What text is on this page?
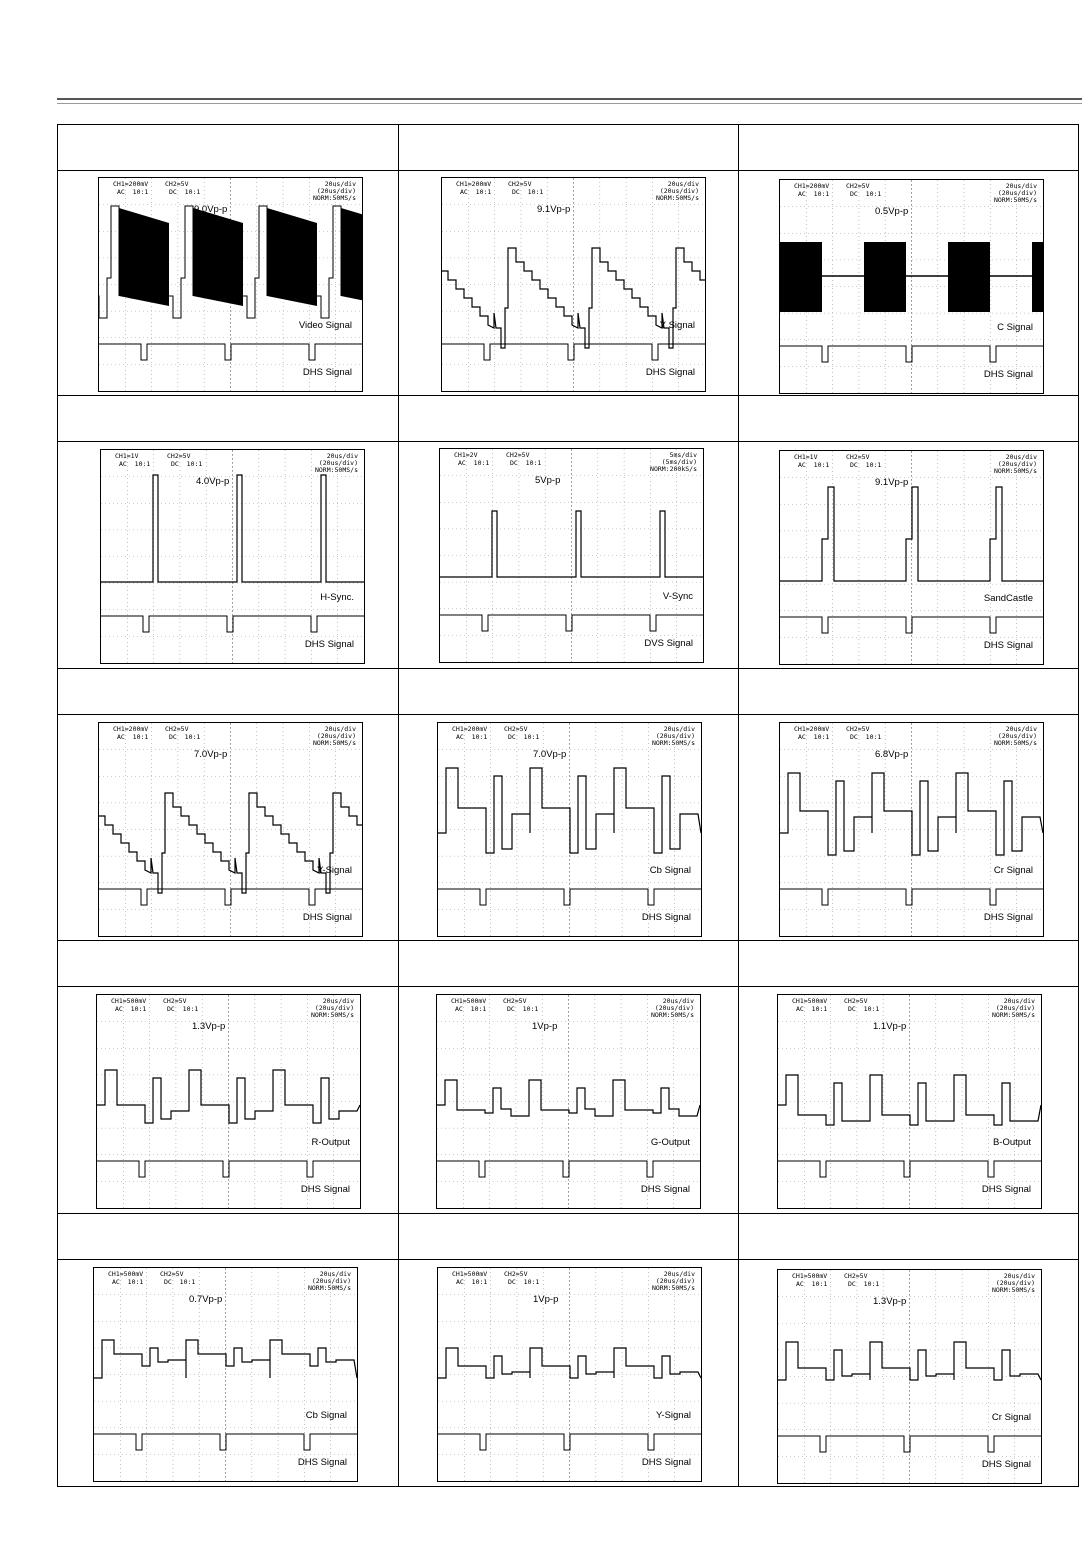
CH1=200mV
AC  10:1
CH2=5V
DC  10:1
20us/div
(20us/div)
NORM:50MS/s
9.0Vp-p
Video Signal
DHS Signal
CH1=200mV
AC  10:1
CH2=5V
DC  10:1
20us/div
(20us/div)
NORM:50MS/s
9.1Vp-p
Y Signal
DHS Signal
CH1=200mV
AC  10:1
CH2=5V
DC  10:1
20us/div
(20us/div)
NORM:50MS/s
0.5Vp-p
C Signal
DHS Signal
CH1=1V
AC  10:1
CH2=5V
DC  10:1
20us/div
(20us/div)
NORM:50MS/s
4.0Vp-p
H-Sync.
DHS Signal
CH1=2V
AC  10:1
CH2=5V
DC  10:1
5ms/div
(5ms/div)
NORM:200kS/s
5Vp-p
V-Sync
DVS Signal
CH1=1V
AC  10:1
CH2=5V
DC  10:1
20us/div
(20us/div)
NORM:50MS/s
9.1Vp-p
SandCastle
DHS Signal
CH1=200mV
AC  10:1
CH2=5V
DC  10:1
20us/div
(20us/div)
NORM:50MS/s
7.0Vp-p
Y-Signal
DHS Signal
CH1=200mV
AC  10:1
CH2=5V
DC  10:1
20us/div
(20us/div)
NORM:50MS/s
7.0Vp-p
Cb Signal
DHS Signal
CH1=200mV
AC  10:1
CH2=5V
DC  10:1
20us/div
(20us/div)
NORM:50MS/s
6.8Vp-p
Cr Signal
DHS Signal
CH1=500mV
AC  10:1
CH2=5V
DC  10:1
20us/div
(20us/div)
NORM:50MS/s
1.3Vp-p
R-Output
DHS Signal
CH1=500mV
AC  10:1
CH2=5V
DC  10:1
20us/div
(20us/div)
NORM:50MS/s
1Vp-p
G-Output
DHS Signal
CH1=500mV
AC  10:1
CH2=5V
DC  10:1
20us/div
(20us/div)
NORM:50MS/s
1.1Vp-p
B-Output
DHS Signal
CH1=500mV
AC  10:1
CH2=5V
DC  10:1
20us/div
(20us/div)
NORM:50MS/s
0.7Vp-p
Cb Signal
DHS Signal
CH1=500mV
AC  10:1
CH2=5V
DC  10:1
20us/div
(20us/div)
NORM:50MS/s
1Vp-p
Y-Signal
DHS Signal
CH1=500mV
AC  10:1
CH2=5V
DC  10:1
20us/div
(20us/div)
NORM:50MS/s
1.3Vp-p
Cr Signal
DHS Signal
